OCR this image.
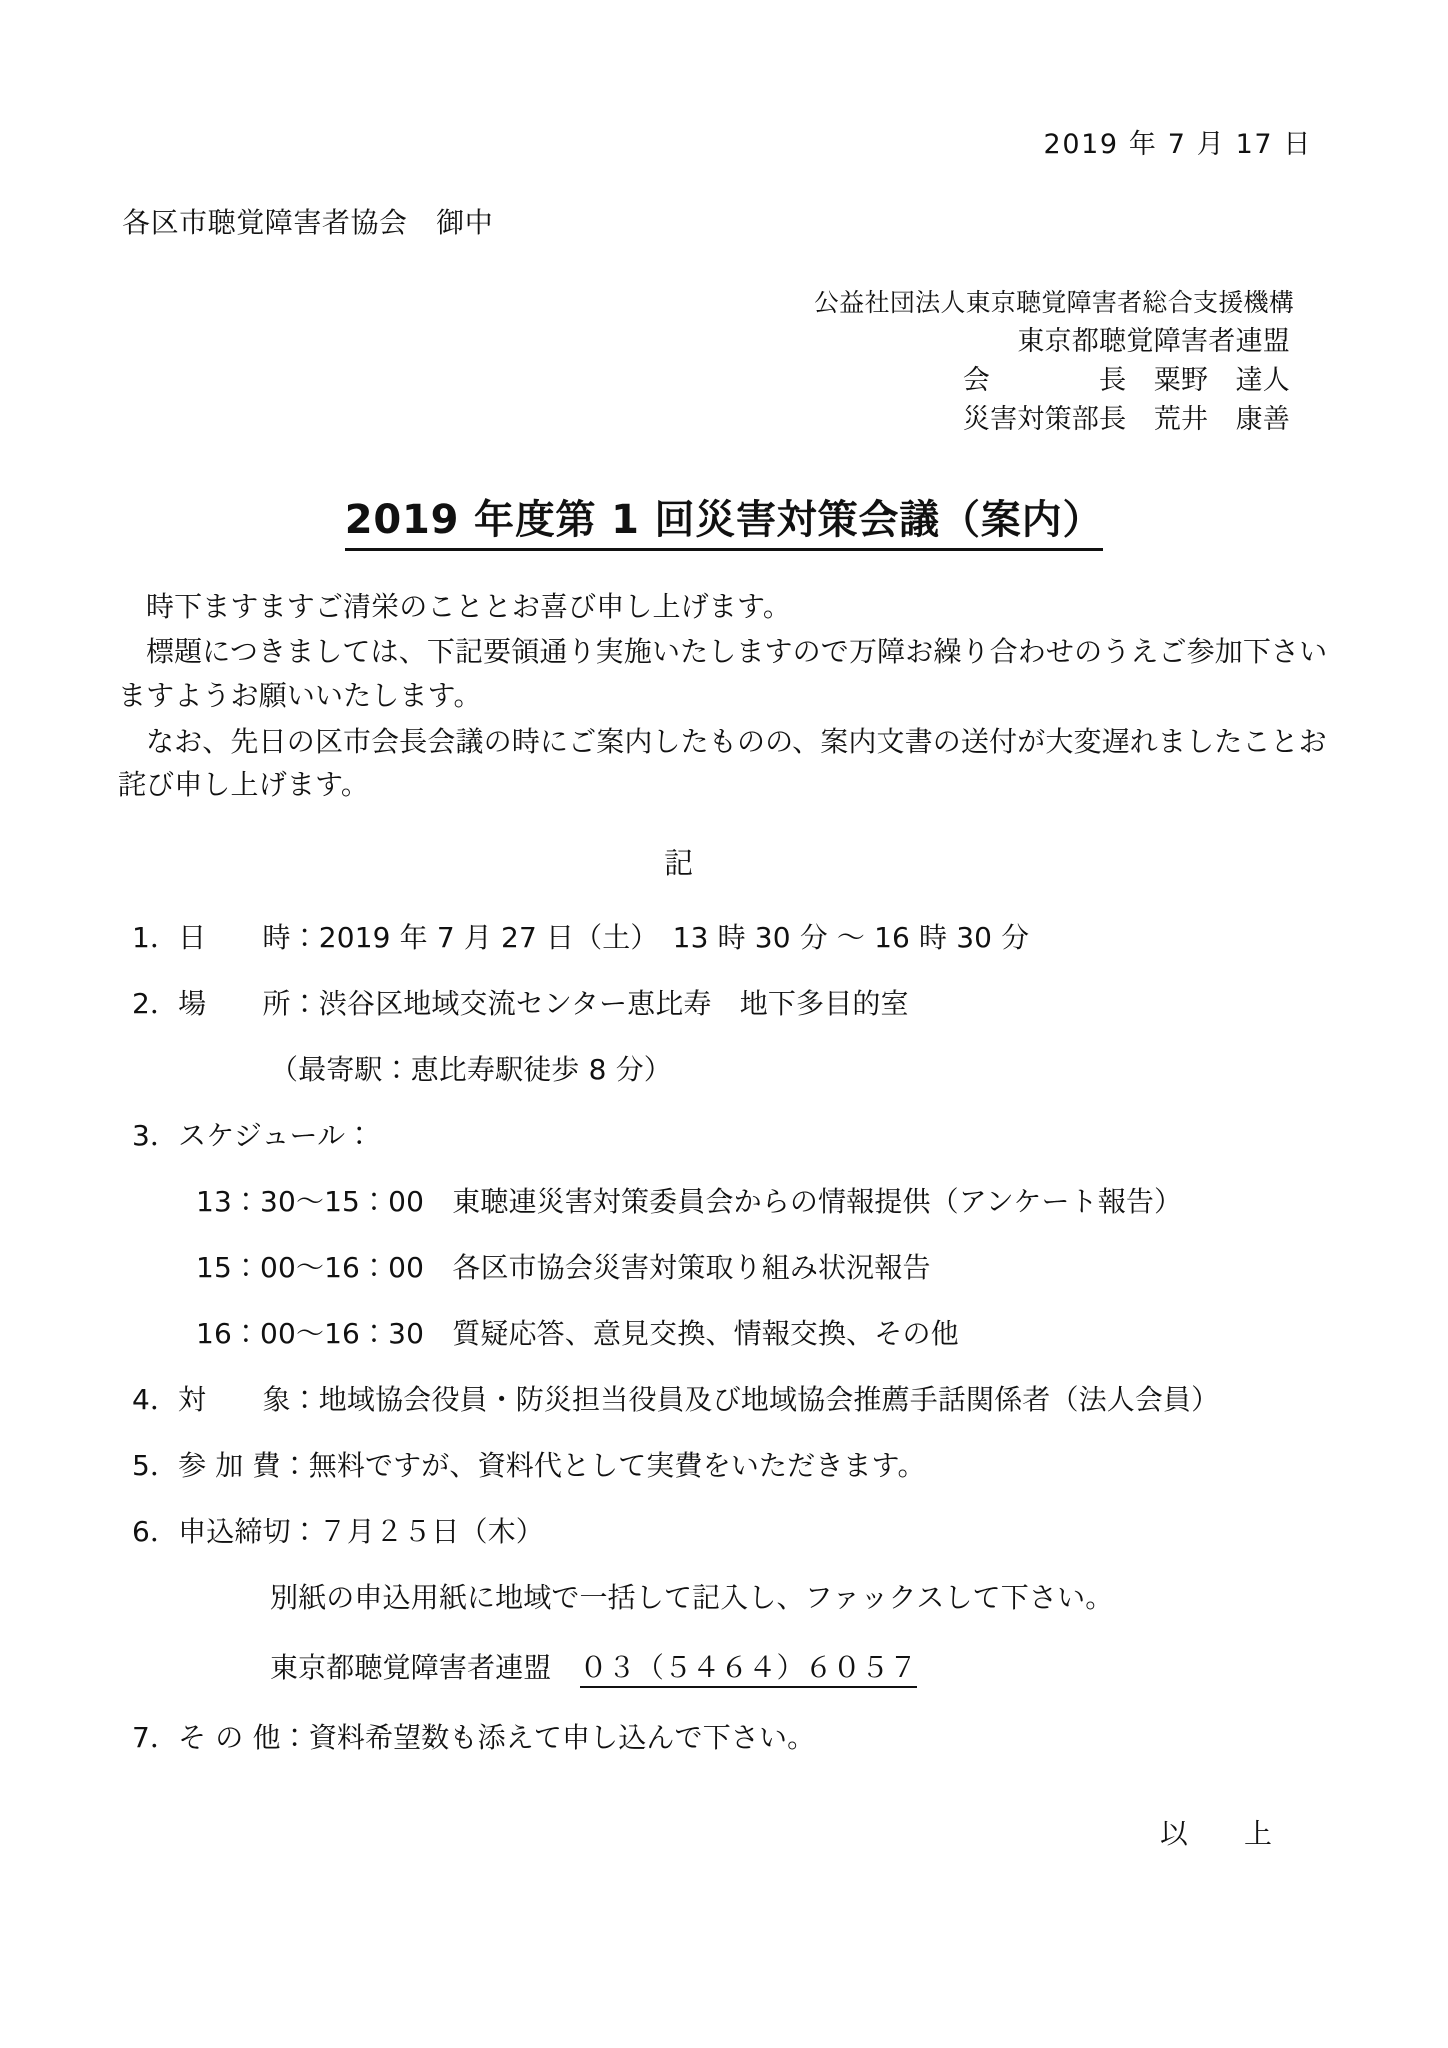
2019 年 7 月 17 日
各区市聴覚障害者協会　御中
公益社団法人東京聴覚障害者総合支援機構
東京都聴覚障害者連盟
会　　　　長　粟野　達人
災害対策部長　荒井　康善
2019 年度第 1 回災害対策会議（案内）
時下ますますご清栄のこととお喜び申し上げます。
標題につきましては、下記要領通り実施いたしますので万障お繰り合わせのうえご参加下さいますようお願いいたします。
なお、先日の区市会長会議の時にご案内したものの、案内文書の送付が大変遅れましたことお詫び申し上げます。
記
1．日　　時：2019 年 7 月 27 日（土）　13 時 30 分 ～ 16 時 30 分
2．場　　所：渋谷区地域交流センター恵比寿　地下多目的室
（最寄駅：恵比寿駅徒歩 8 分）
3．スケジュール：
13：30～15：00　東聴連災害対策委員会からの情報提供（アンケート報告）
15：00～16：00　各区市協会災害対策取り組み状況報告
16：00～16：30　質疑応答、意見交換、情報交換、その他
4．対　　象：地域協会役員・防災担当役員及び地域協会推薦手話関係者（法人会員）
5．参 加 費：無料ですが、資料代として実費をいただきます。
6．申込締切：７月２５日（木）
別紙の申込用紙に地域で一括して記入し、ファックスして下さい。
東京都聴覚障害者連盟　０３（５４６４）６０５７
7．そ の 他：資料希望数も添えて申し込んで下さい。
以　　上
